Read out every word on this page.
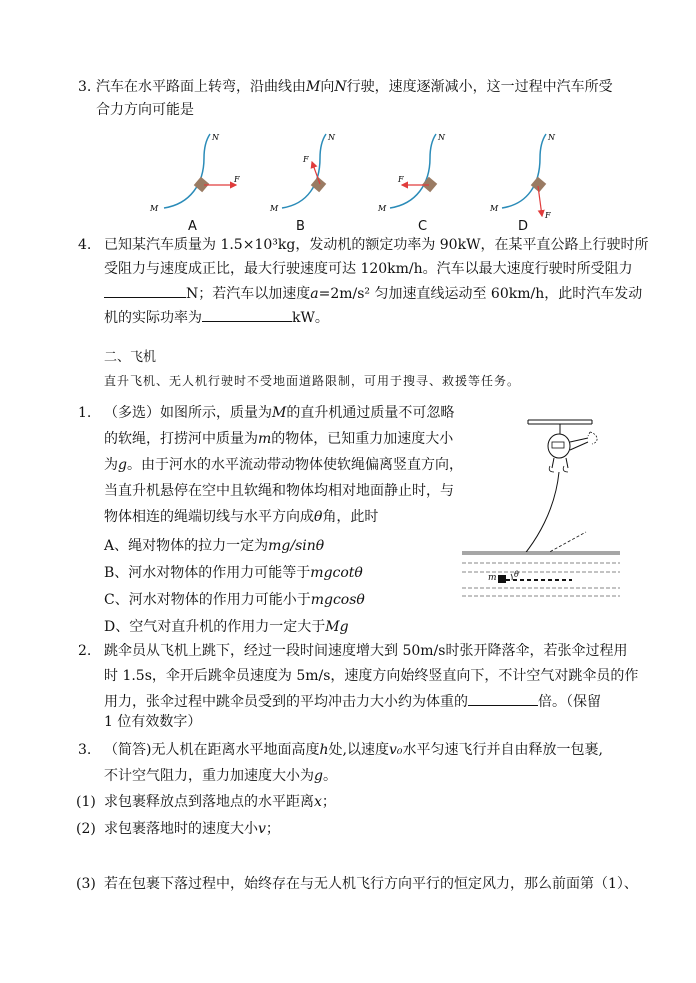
3. 汽车在水平路面上转弯，沿曲线由M向N行驶，速度逐渐减小，这一过程中汽车所受
合力方向可能是
N
M
F
N
M
F
N
M
F
N
M
F
A	B	C	D
4. 已知某汽车质量为 1.5×10³kg，发动机的额定功率为 90kW，在某平直公路上行驶时所
受阻力与速度成正比，最大行驶速度可达 120km/h。汽车以最大速度行驶时所受阻力
N；若汽车以加速度a=2m/s² 匀加速直线运动至 60km/h，此时汽车发动
机的实际功率为	kW。
二、飞机
直升飞机、无人机行驶时不受地面道路限制，可用于搜寻、救援等任务。
1. （多选）如图所示，质量为M的直升机通过质量不可忽略
的软绳，打捞河中质量为m的物体，已知重力加速度大小
为g。由于河水的水平流动带动物体使软绳偏离竖直方向，
当直升机悬停在空中且软绳和物体均相对地面静止时，与
物体相连的绳端切线与水平方向成θ角，此时
A、绳对物体的拉力一定为mg/sinθ
B、河水对物体的作用力可能等于mgcotθ
C、河水对物体的作用力可能小于mgcosθ
D、空气对直升机的作用力一定大于Mg
m θ
2. 跳伞员从飞机上跳下，经过一段时间速度增大到 50m/s时张开降落伞，若张伞过程用
时 1.5s，伞开后跳伞员速度为 5m/s，速度方向始终竖直向下，不计空气对跳伞员的作
用力，张伞过程中跳伞员受到的平均冲击力大小约为体重的	倍。（保留
1 位有效数字）
3. （简答)无人机在距离水平地面高度h处,以速度v₀水平匀速飞行并自由释放一包裹,
不计空气阻力，重力加速度大小为g。
(1) 求包裹释放点到落地点的水平距离x；
(2) 求包裹落地时的速度大小v；
(3) 若在包裹下落过程中，始终存在与无人机飞行方向平行的恒定风力，那么前面第（1）、
